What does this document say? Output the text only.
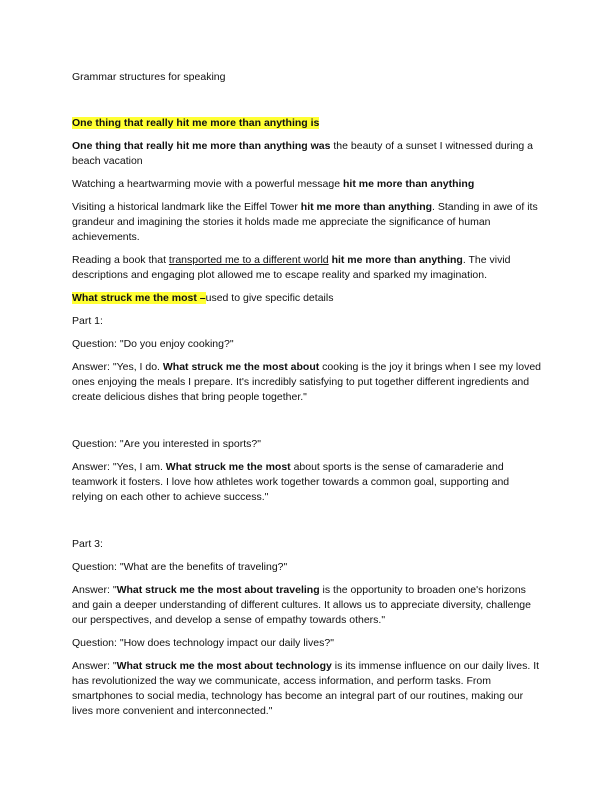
Grammar structures for speaking

One thing that really hit me more than anything is

One thing that really hit me more than anything was the beauty of a sunset I witnessed during a beach vacation

Watching a heartwarming movie with a powerful message hit me more than anything

Visiting a historical landmark like the Eiffel Tower hit me more than anything. Standing in awe of its grandeur and imagining the stories it holds made me appreciate the significance of human achievements.

Reading a book that transported me to a different world hit me more than anything. The vivid descriptions and engaging plot allowed me to escape reality and sparked my imagination.

What struck me the most –used to give specific details

Part 1:

Question: "Do you enjoy cooking?"

Answer: "Yes, I do. What struck me the most about cooking is the joy it brings when I see my loved ones enjoying the meals I prepare. It's incredibly satisfying to put together different ingredients and create delicious dishes that bring people together."

Question: "Are you interested in sports?"

Answer: "Yes, I am. What struck me the most about sports is the sense of camaraderie and teamwork it fosters. I love how athletes work together towards a common goal, supporting and relying on each other to achieve success."

Part 3:

Question: "What are the benefits of traveling?"

Answer: "What struck me the most about traveling is the opportunity to broaden one's horizons and gain a deeper understanding of different cultures. It allows us to appreciate diversity, challenge our perspectives, and develop a sense of empathy towards others."

Question: "How does technology impact our daily lives?"

Answer: "What struck me the most about technology is its immense influence on our daily lives. It has revolutionized the way we communicate, access information, and perform tasks. From smartphones to social media, technology has become an integral part of our routines, making our lives more convenient and interconnected."
